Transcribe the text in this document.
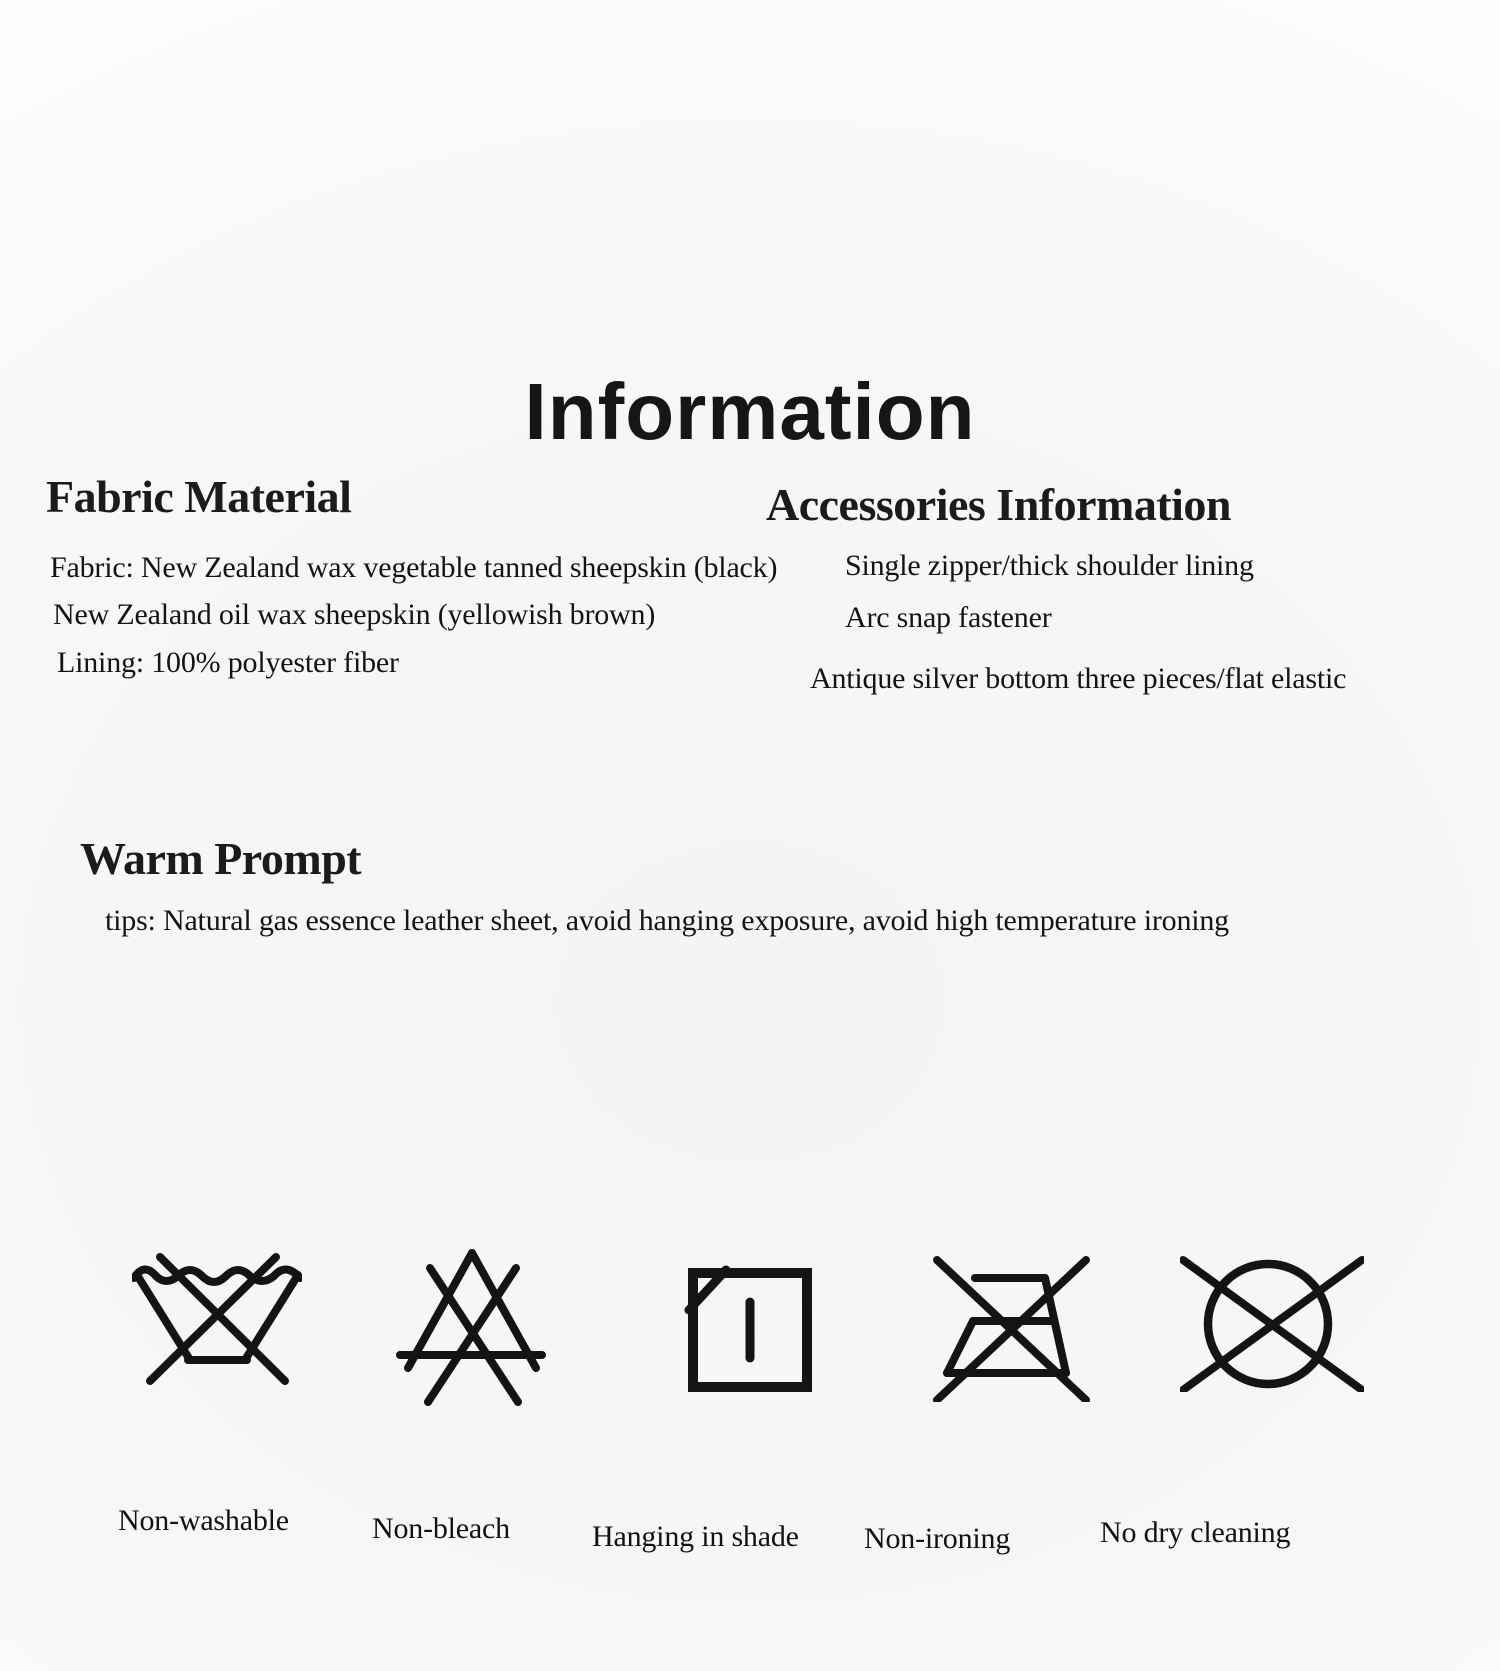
Information
Fabric Material
Fabric: New Zealand wax vegetable tanned sheepskin (black)
New Zealand oil wax sheepskin (yellowish brown)
Lining: 100% polyester fiber
Accessories Information
Single zipper/thick shoulder lining
Arc snap fastener
Antique silver bottom three pieces/flat elastic
Warm Prompt
tips: Natural gas essence leather sheet, avoid hanging exposure, avoid high temperature ironing
Non-washable	Non-bleach	Hanging in shade Non-ironing	No dry cleaning
